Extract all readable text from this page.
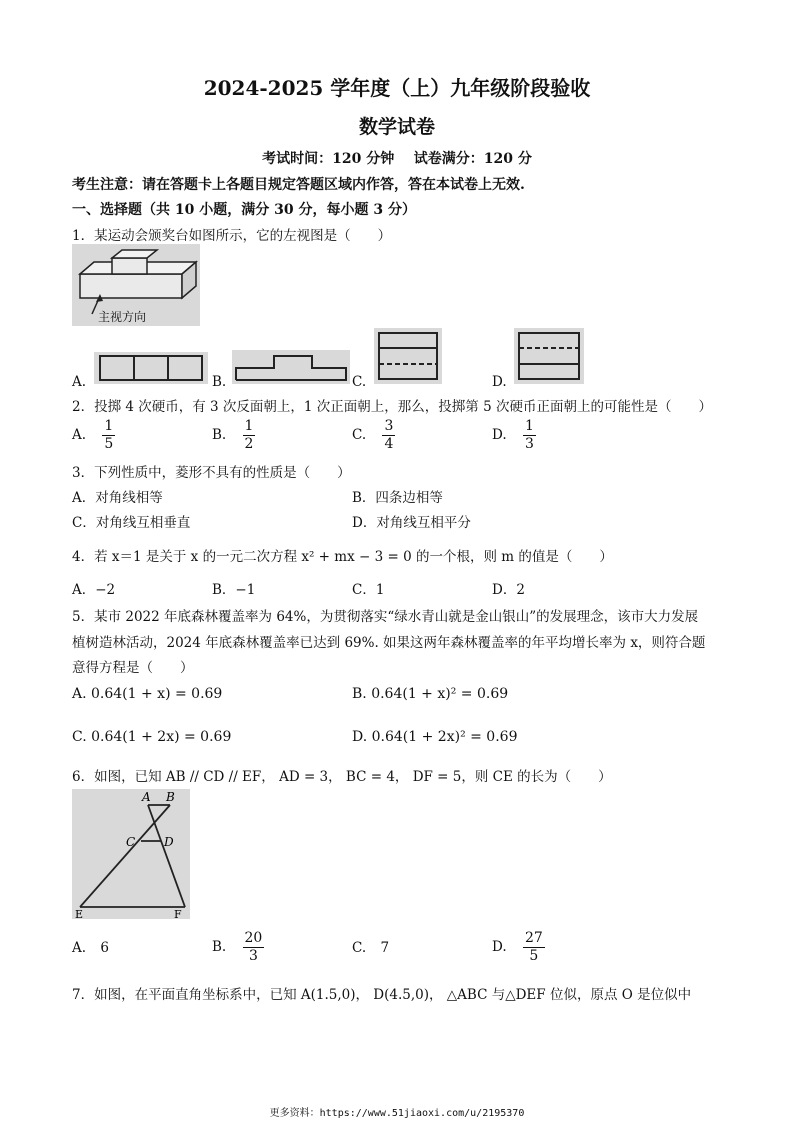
2024-2025 学年度（上）九年级阶段验收
数学试卷
考试时间：120 分钟    试卷满分：120 分
考生注意：请在答题卡上各题目规定答题区域内作答，答在本试卷上无效.
一、选择题（共 10 小题，满分 30 分，每小题 3 分）
1．某运动会颁奖台如图所示，它的左视图是（　　）
主视方向
A.	B.	C.	D.
2．投掷 4 次硬币，有 3 次反面朝上，1 次正面朝上，那么，投掷第 5 次硬币正面朝上的可能性是（　　）
A. $\frac{1}{5}$	B. $\frac{1}{2}$	C. $\frac{3}{4}$	D. $\frac{1}{3}$
3．下列性质中，菱形不具有的性质是（　　）
A．对角线相等	B．四条边相等
C．对角线互相垂直	D．对角线互相平分
4．若 x＝1 是关于 x 的一元二次方程 x² + mx − 3 = 0 的一个根，则 m 的值是（　　）
A．−2	B．−1	C．1	D．2
5．某市 2022 年底森林覆盖率为 64%，为贯彻落实“绿水青山就是金山银山”的发展理念，该市大力发展
植树造林活动，2024 年底森林覆盖率已达到 69%. 如果这两年森林覆盖率的年平均增长率为 x，则符合题
意得方程是（　　）
A. 0.64(1 + x) = 0.69	B. 0.64(1 + x)² = 0.69
C. 0.64(1 + 2x) = 0.69	D. 0.64(1 + 2x)² = 0.69
6．如图，已知 AB // CD // EF， AD = 3， BC = 4， DF = 5，则 CE 的长为（　　）
A B
C D
E	F
A. 6	B. $\frac{20}{3}$	C. 7	D. $\frac{27}{5}$
7．如图，在平面直角坐标系中，已知 A(1.5,0)， D(4.5,0)， △ABC 与△DEF 位似，原点 O 是位似中
更多资料：https://www.51jiaoxi.com/u/2195370
